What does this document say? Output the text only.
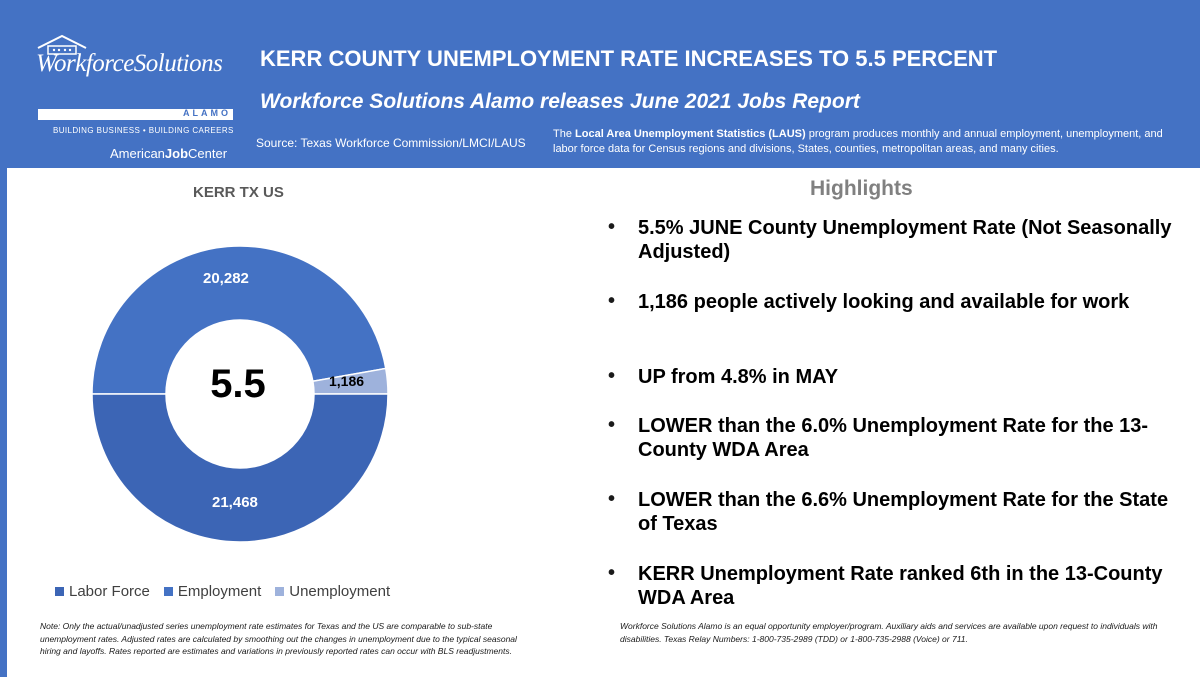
WorkforceSolutions
ALAMO
BUILDING BUSINESS • BUILDING CAREERS
AmericanJobCenter
KERR COUNTY UNEMPLOYMENT RATE INCREASES TO 5.5 PERCENT
Workforce Solutions Alamo releases June 2021 Jobs Report
Source: Texas Workforce Commission/LMCI/LAUS
The Local Area Unemployment Statistics (LAUS) program produces monthly and annual employment, unemployment, and labor force data for Census regions and divisions, States, counties, metropolitan areas, and many cities.
KERR TX US
5.5
20,282
1,186
21,468
Labor Force Employment Unemployment
Note: Only the actual/unadjusted series unemployment rate estimates for Texas and the US are comparable to sub-state unemployment rates. Adjusted rates are calculated by smoothing out the changes in unemployment due to the typical seasonal hiring and layoffs. Rates reported are estimates and variations in previously reported rates can occur with BLS readjustments.
Highlights
• 5.5% JUNE County Unemployment Rate (Not Seasonally Adjusted)
• 1,186 people actively looking and available for work
• UP from 4.8% in MAY
• LOWER than the 6.0% Unemployment Rate for the 13-County WDA Area
• LOWER than the 6.6% Unemployment Rate for the State of Texas
• KERR Unemployment Rate ranked 6th in the 13-County WDA Area
Workforce Solutions Alamo is an equal opportunity employer/program. Auxiliary aids and services are available upon request to individuals with disabilities. Texas Relay Numbers: 1-800-735-2989 (TDD) or 1-800-735-2988 (Voice) or 711.
